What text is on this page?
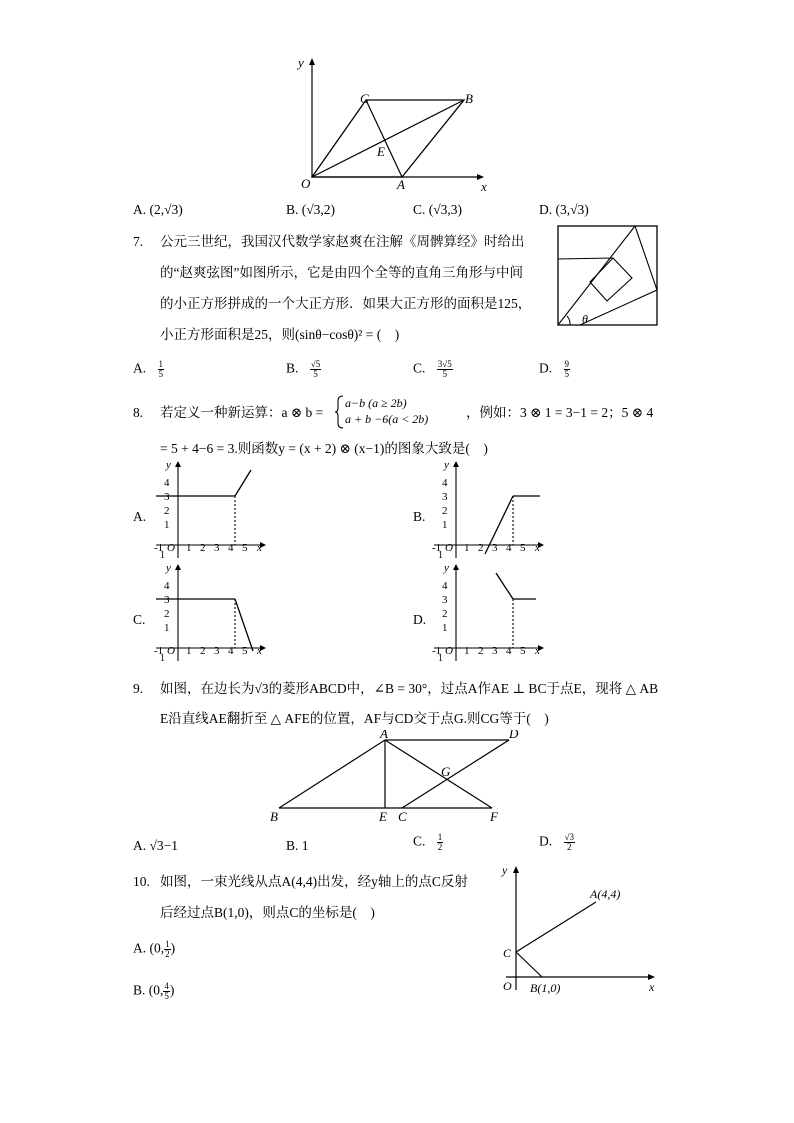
y
x
O	A
B
C
E
A. (2,√3)	B. (√3,2)	C. (√3,3)	D. (3,√3)
7. 公元三世纪，我国汉代数学家赵爽在注解《周髀算经》时给出
的“赵爽弦图”如图所示，它是由四个全等的直角三角形与中间
的小正方形拼成的一个大正方形．如果大正方形的面积是125，
小正方形面积是25，则(sinθ−cosθ)² = (　)
θ
A. $\frac{1}{5}$	B. $\frac{√5}{5}$	C. $\frac{3√5}{5}$	D. $\frac{9}{5}$
8. 若定义一种新运算：a ⊗ b =
a−b (a ≥ 2b)
a + b −6(a < 2b)	，例如：3 ⊗ 1 = 3−1 = 2；5 ⊗ 4
= 5 + 4−6 = 3.则函数y = (x + 2) ⊗ (x−1)的图象大致是(　)
A.
y
4
3
2
1
-1 O 1 2 3 4 5 x
1
B.
y
4
3
2
1
-1 O 1 2 3 4 5 x
1
C.
y
4
3
2
1
-1 O 1 2 3 4 5 x
1
D.
y
4
3
2
1
-1 O 1 2 3 4 5 x
1
9. 如图，在边长为√3的菱形ABCD中，∠B = 30°，过点A作AE ⊥ BC于点E，现将 △ AB
E沿直线AE翻折至 △ AFE的位置，AF与CD交于点G.则CG等于(　)
A	D
G
B	E C	F
A. √3−1	B. 1	C. $\frac{1}{2}$	D. $\frac{√3}{2}$
10. 如图，一束光线从点A(4,4)出发，经y轴上的点C反射
后经过点B(1,0)，则点C的坐标是(　)
A. (0, $\frac{1}{2}$ )
B. (0, $\frac{4}{5}$ )
y
x
O
A(4,4)
B(1,0)
C
